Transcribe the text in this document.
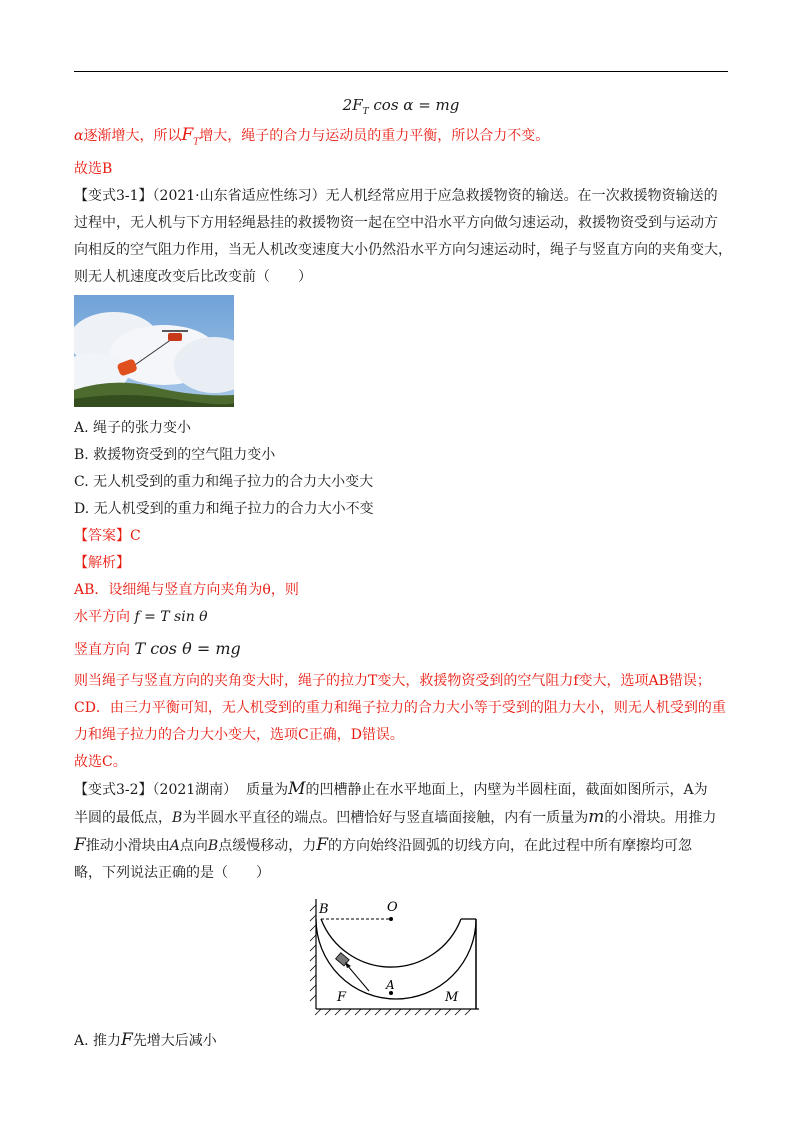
$2F_T$ cos α = mg
α逐渐增大，所以$F_T$增大，绳子的合力与运动员的重力平衡，所以合力不变。
故选B
【变式3-1】（2021·山东省适应性练习）无人机经常应用于应急救援物资的输送。在一次救援物资输送的
过程中，无人机与下方用轻绳悬挂的救援物资一起在空中沿水平方向做匀速运动，救援物资受到与运动方
向相反的空气阻力作用，当无人机改变速度大小仍然沿水平方向匀速运动时，绳子与竖直方向的夹角变大，
则无人机速度改变后比改变前（　　）
A. 绳子的张力变小
B. 救援物资受到的空气阻力变小
C. 无人机受到的重力和绳子拉力的合力大小变大
D. 无人机受到的重力和绳子拉力的合力大小不变
【答案】C
【解析】
AB．设细绳与竖直方向夹角为θ，则
水平方向 f = T sin θ
竖直方向 T cos θ = mg
则当绳子与竖直方向的夹角变大时，绳子的拉力T变大，救援物资受到的空气阻力f变大，选项AB错误；
CD．由三力平衡可知，无人机受到的重力和绳子拉力的合力大小等于受到的阻力大小，则无人机受到的重
力和绳子拉力的合力大小变大，选项C正确，D错误。
故选C。
【变式3-2】（2021湖南） 质量为M的凹槽静止在水平地面上，内壁为半圆柱面，截面如图所示，A为
半圆的最低点，B为半圆水平直径的端点。凹槽恰好与竖直墙面接触，内有一质量为m的小滑块。用推力
F推动小滑块由A点向B点缓慢移动，力F的方向始终沿圆弧的切线方向，在此过程中所有摩擦均可忽
略，下列说法正确的是（　　）
B	O
A
F	M
A. 推力F先增大后减小
